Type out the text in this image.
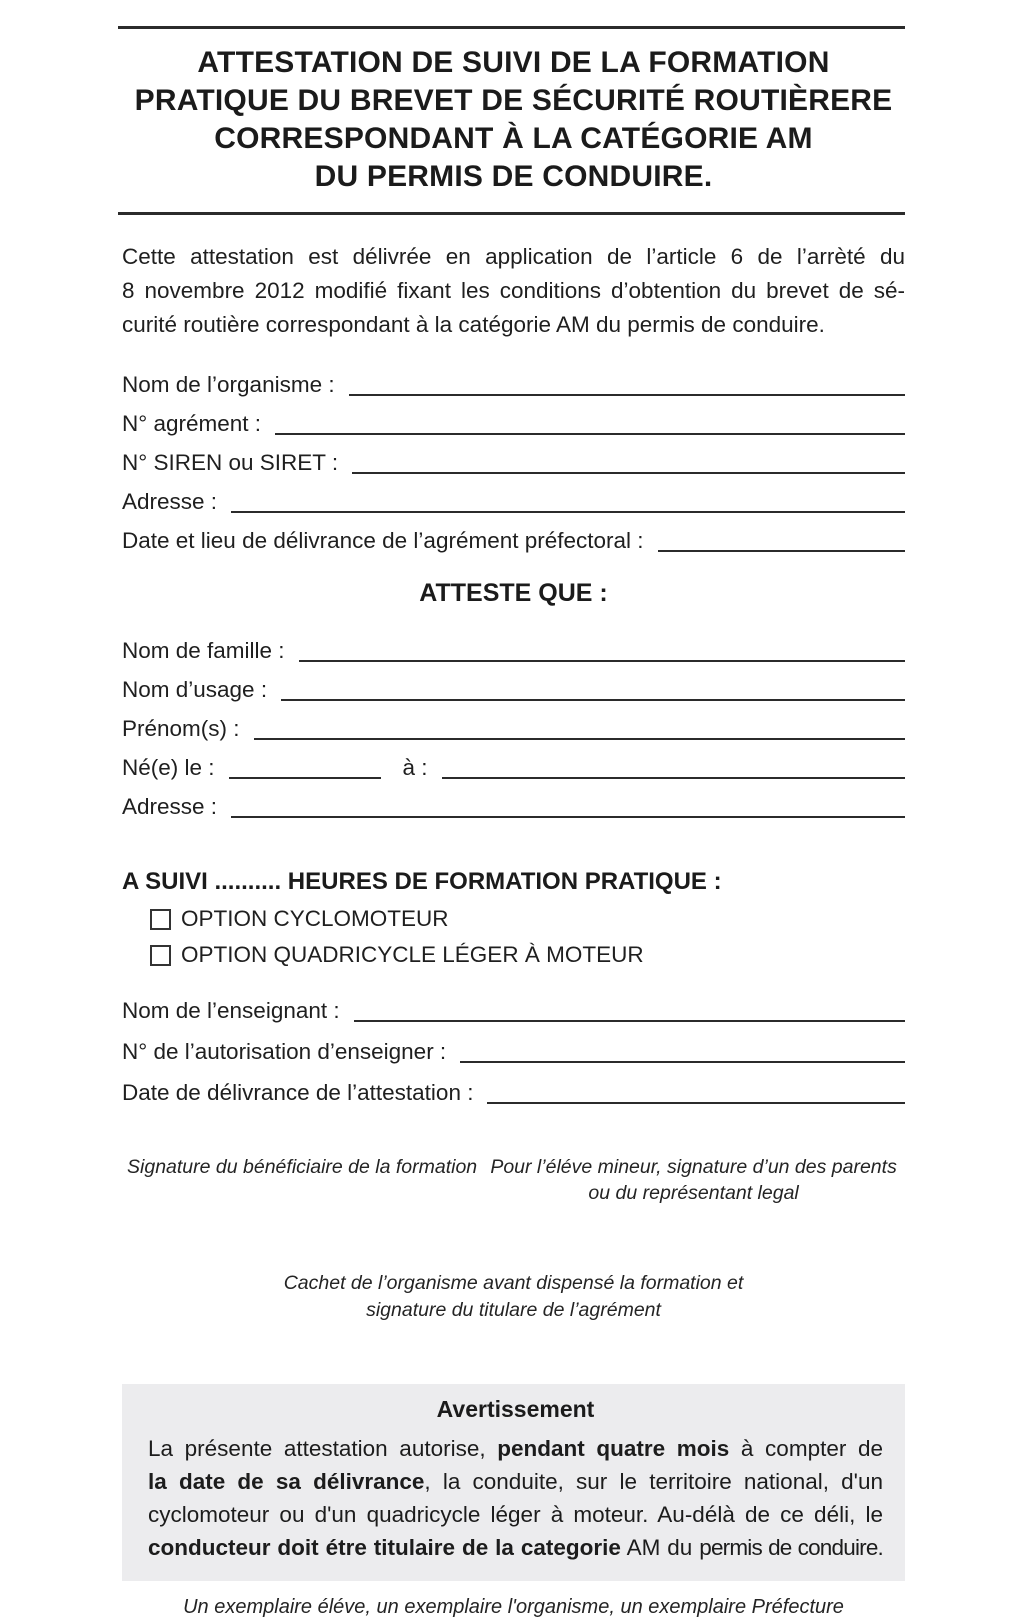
ATTESTATION DE SUIVI DE LA FORMATION
PRATIQUE DU BREVET DE SÉCURITÉ ROUTIÈRERE
CORRESPONDANT À LA CATÉGORIE AM
DU PERMIS DE CONDUIRE.
Cette attestation est délivrée en application de l’article 6 de l’arrèté du
8 novembre 2012 modifié fixant les conditions d’obtention du brevet de sé-
curité routière correspondant à la catégorie AM du permis de conduire.
Nom de l’organisme :
N° agrément :
N° SIREN ou SIRET :
Adresse :
Date et lieu de délivrance de l’agrément préfectoral :
ATTESTE QUE :
Nom de famille :
Nom d’usage :
Prénom(s) :
Né(e) le :	à :
Adresse :
A SUIVI .......... HEURES DE FORMATION PRATIQUE :
OPTION CYCLOMOTEUR
OPTION QUADRICYCLE LÉGER À MOTEUR
Nom de l’enseignant :
N° de l’autorisation d’enseigner :
Date de délivrance de l’attestation :
Signature du bénéficiaire de la formation Pour l’éléve mineur, signature d’un des parents
ou du représentant legal
Cachet de l’organisme avant dispensé la formation et
signature du titulare de l’agrément
Avertissement
La présente attestation autorise, pendant quatre mois à compter de
la date de sa délivrance, la conduite, sur le territoire national, d'un
cyclomoteur ou d'un quadricycle léger à moteur. Au-délà de ce déli, le
conducteur doit étre titulaire de la categorie AM du permis de conduire.
Un exemplaire éléve, un exemplaire l'organisme, un exemplaire Préfecture
